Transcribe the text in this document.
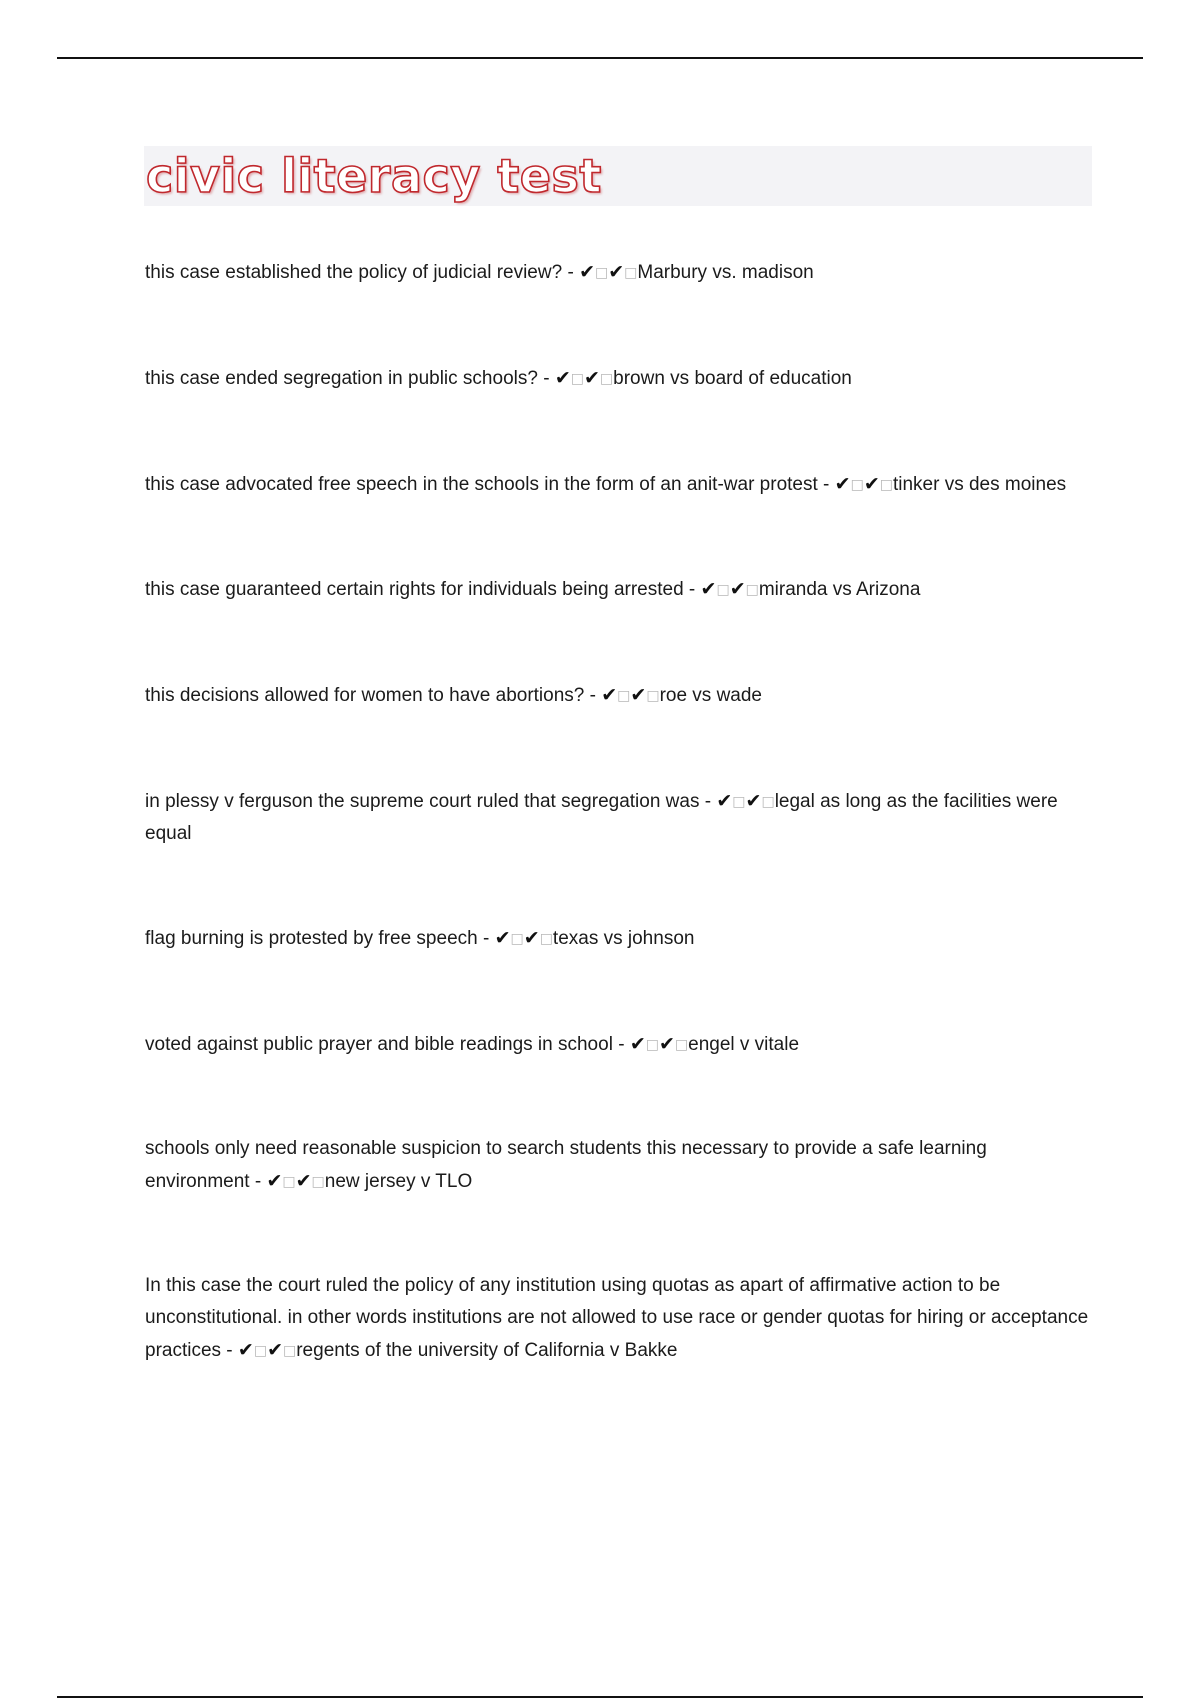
civic literacy test
this case established the policy of judicial review? - ✔□✔□Marbury vs. madison
this case ended segregation in public schools? - ✔□✔□brown vs board of education
this case advocated free speech in the schools in the form of an anit-war protest - ✔□✔□tinker vs des moines
this case guaranteed certain rights for individuals being arrested - ✔□✔□miranda vs Arizona
this decisions allowed for women to have abortions? - ✔□✔□roe vs wade
in plessy v ferguson the supreme court ruled that segregation was - ✔□✔□legal as long as the facilities were equal
flag burning is protested by free speech - ✔□✔□texas vs johnson
voted against public prayer and bible readings in school - ✔□✔□engel v vitale
schools only need reasonable suspicion to search students this necessary to provide a safe learning environment - ✔□✔□new jersey v TLO
In this case the court ruled the policy of any institution using quotas as apart of affirmative action to be unconstitutional. in other words institutions are not allowed to use race or gender quotas for hiring or acceptance practices - ✔□✔□regents of the university of California v Bakke
